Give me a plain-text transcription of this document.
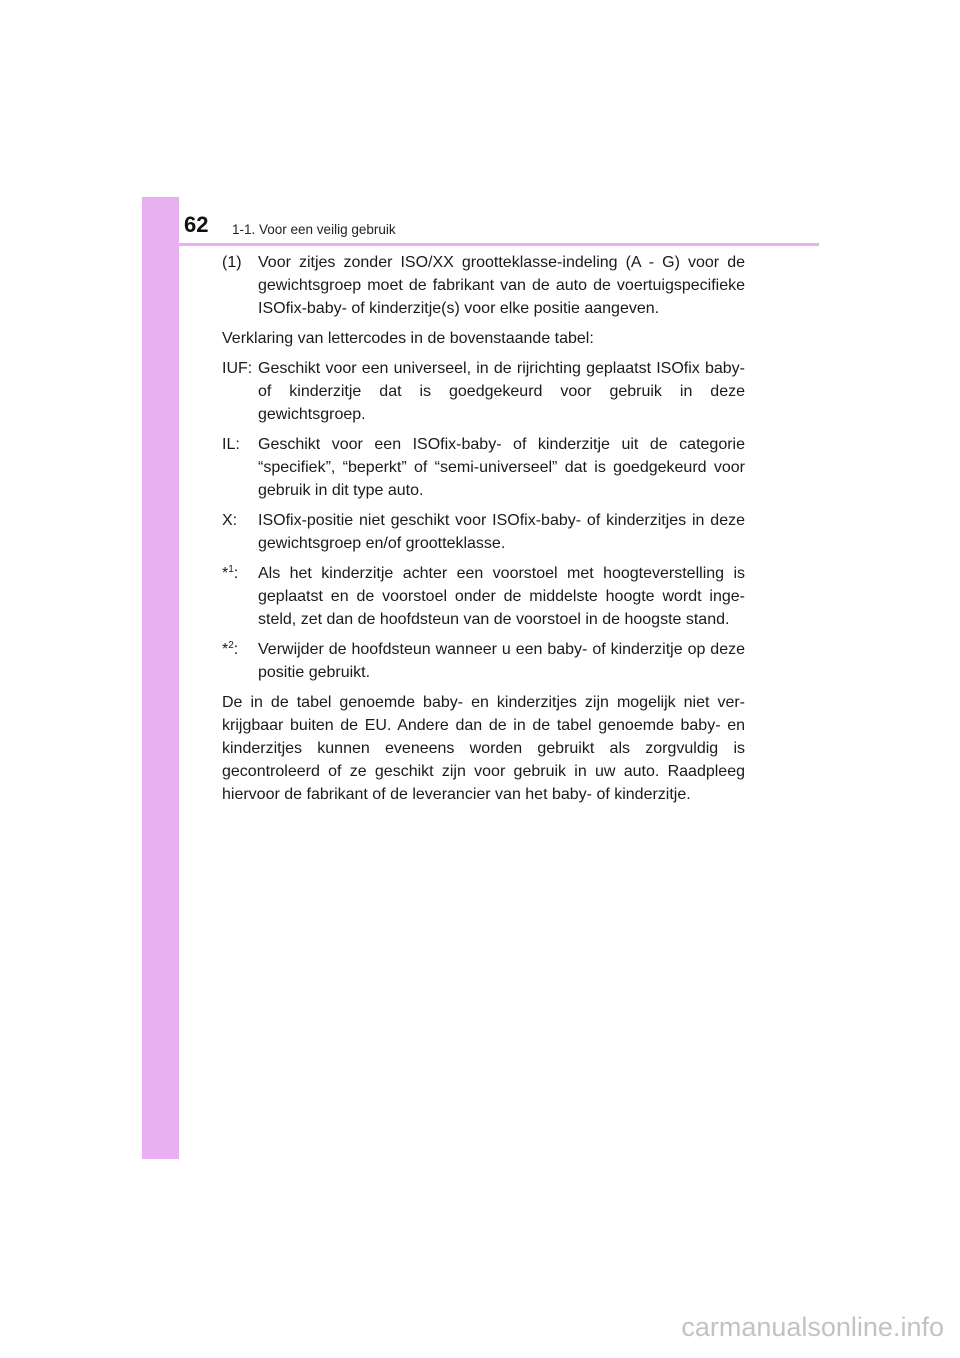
62 1-1. Voor een veilig gebruik
(1) Voor zitjes zonder ISO/XX grootteklasse-indeling (A - G) voor de gewichtsgroep moet de fabrikant van de auto de voertuigspecifieke ISOfix-baby- of kinderzitje(s) voor elke positie aangeven.
Verklaring van lettercodes in de bovenstaande tabel:
IUF: Geschikt voor een universeel, in de rijrichting geplaatst ISOfix baby- of kinderzitje dat is goedgekeurd voor gebruik in deze gewichtsgroep.
IL: Geschikt voor een ISOfix-baby- of kinderzitje uit de categorie “specifiek”, “beperkt” of “semi-universeel” dat is goedgekeurd voor gebruik in dit type auto.
X: ISOfix-positie niet geschikt voor ISOfix-baby- of kinderzitjes in deze gewichtsgroep en/of grootteklasse.
*$^1$: Als het kinderzitje achter een voorstoel met hoogteverstelling is geplaatst en de voorstoel onder de middelste hoogte wordt ingesteld, zet dan de hoofdsteun van de voorstoel in de hoogste stand.
*$^2$: Verwijder de hoofdsteun wanneer u een baby- of kinderzitje op deze positie gebruikt.
De in de tabel genoemde baby- en kinderzitjes zijn mogelijk niet verkrijgbaar buiten de EU. Andere dan de in de tabel genoemde baby- en kinderzitjes kunnen eveneens worden gebruikt als zorgvuldig is gecontroleerd of ze geschikt zijn voor gebruik in uw auto. Raadpleeg hiervoor de fabrikant of de leverancier van het baby- of kinderzitje.
carmanualsonline.info
